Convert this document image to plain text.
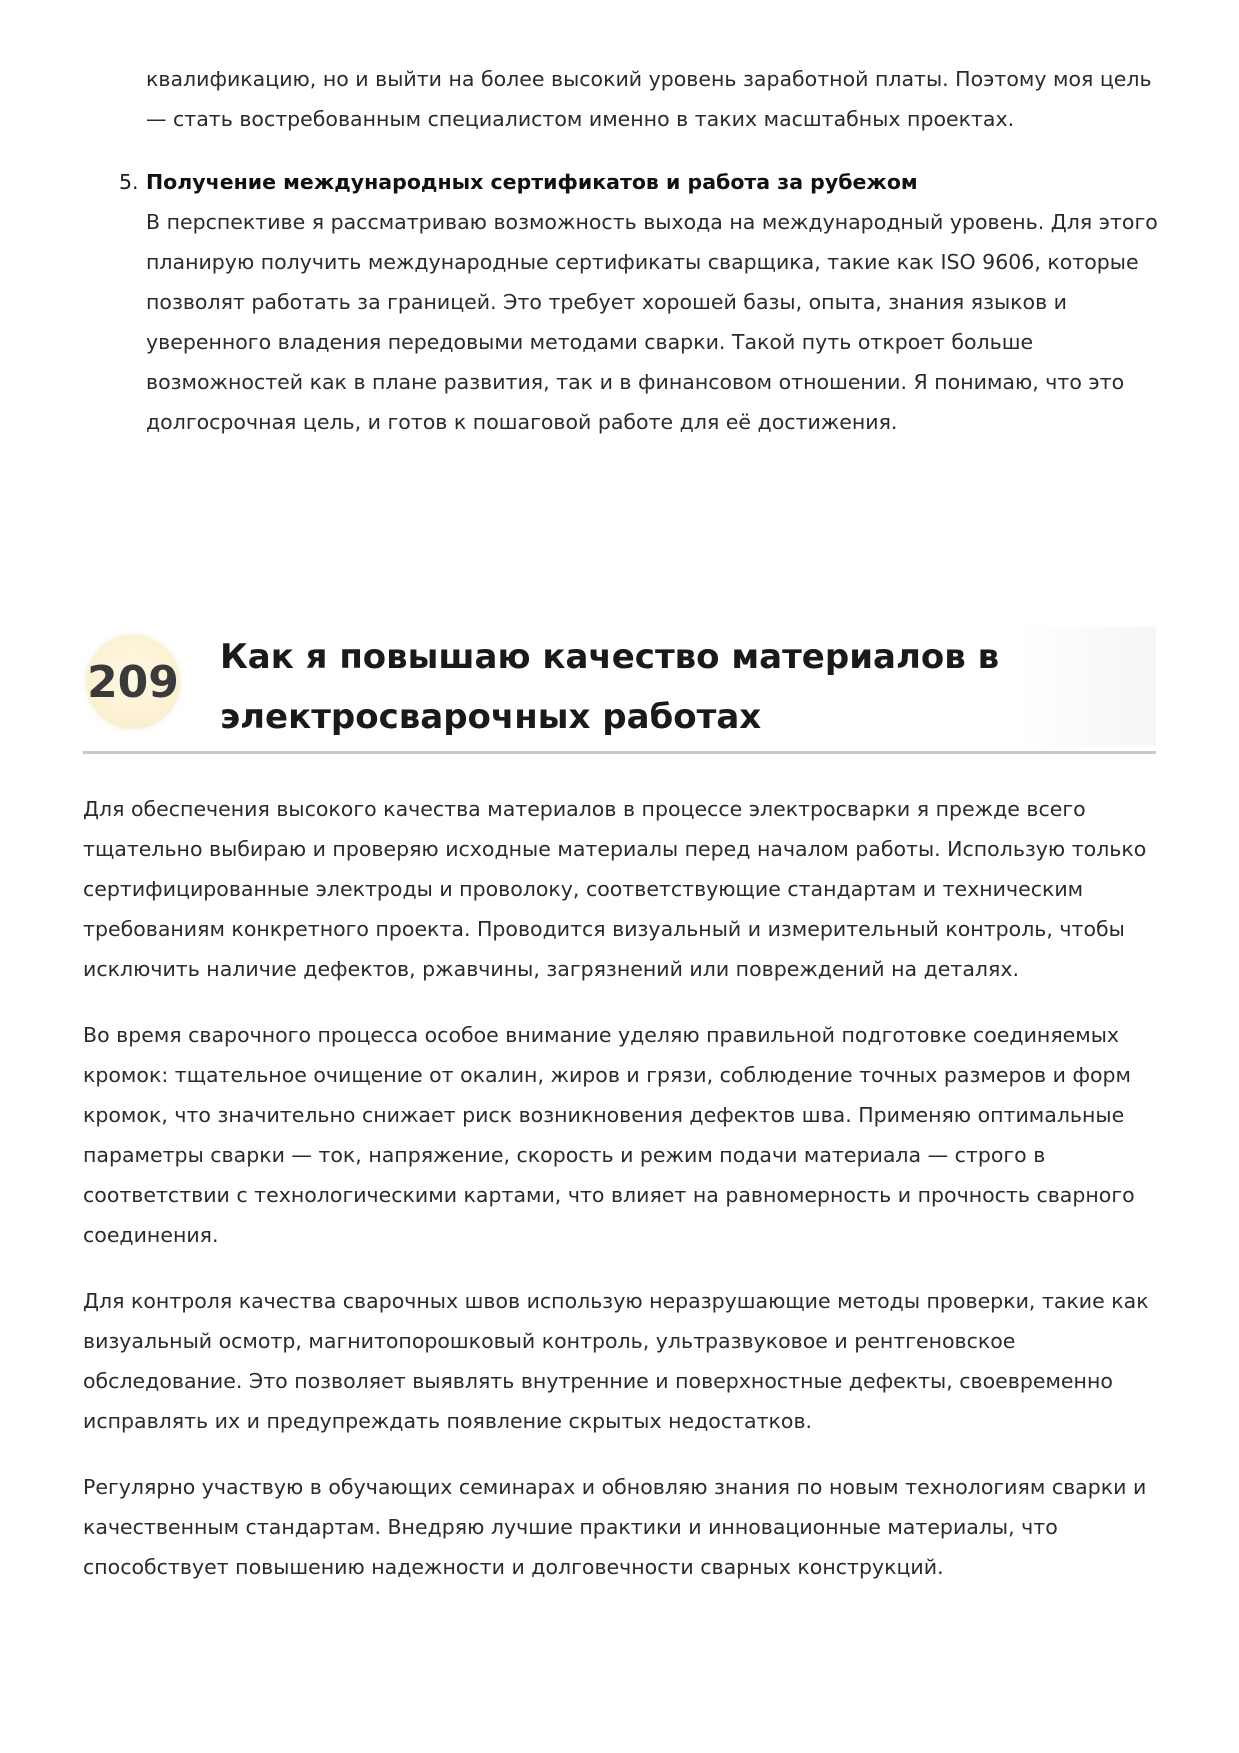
квалификацию, но и выйти на более высокий уровень заработной платы. Поэтому моя цель — стать востребованным специалистом именно в таких масштабных проектах.

5. Получение международных сертификатов и работа за рубежом

В перспективе я рассматриваю возможность выхода на международный уровень. Для этого планирую получить международные сертификаты сварщика, такие как ISO 9606, которые позволят работать за границей. Это требует хорошей базы, опыта, знания языков и уверенного владения передовыми методами сварки. Такой путь откроет больше возможностей как в плане развития, так и в финансовом отношении. Я понимаю, что это долгосрочная цель, и готов к пошаговой работе для её достижения.

209 Как я повышаю качество материалов в электросварочных работах

Для обеспечения высокого качества материалов в процессе электросварки я прежде всего тщательно выбираю и проверяю исходные материалы перед началом работы. Использую только сертифицированные электроды и проволоку, соответствующие стандартам и техническим требованиям конкретного проекта. Проводится визуальный и измерительный контроль, чтобы исключить наличие дефектов, ржавчины, загрязнений или повреждений на деталях.

Во время сварочного процесса особое внимание уделяю правильной подготовке соединяемых кромок: тщательное очищение от окалин, жиров и грязи, соблюдение точных размеров и форм кромок, что значительно снижает риск возникновения дефектов шва. Применяю оптимальные параметры сварки — ток, напряжение, скорость и режим подачи материала — строго в соответствии с технологическими картами, что влияет на равномерность и прочность сварного соединения.

Для контроля качества сварочных швов использую неразрушающие методы проверки, такие как визуальный осмотр, магнитопорошковый контроль, ультразвуковое и рентгеновское обследование. Это позволяет выявлять внутренние и поверхностные дефекты, своевременно исправлять их и предупреждать появление скрытых недостатков.

Регулярно участвую в обучающих семинарах и обновляю знания по новым технологиям сварки и качественным стандартам. Внедряю лучшие практики и инновационные материалы, что способствует повышению надежности и долговечности сварных конструкций.
